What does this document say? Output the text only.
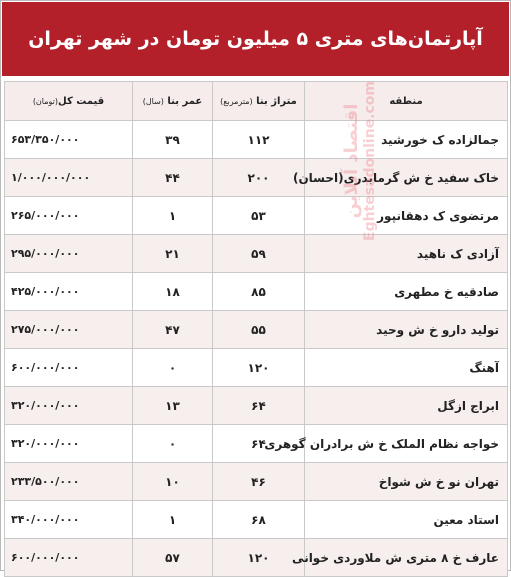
آپارتمان‌های متری ۵ میلیون تومان در شهر تهران
منطقه	متراژ بنا (مترمربع)	عمر بنا (سال)	قیمت کل(تومان)
جمالزاده ک خورشید	۱۱۲	۳۹	۶۵۳/۳۵۰/۰۰۰
خاک سفید خ ش گرمابدری(احسان)	۲۰۰	۴۴	۱/۰۰۰/۰۰۰/۰۰۰
مرتضوی ک دهقانپور	۵۳	۱	۲۶۵/۰۰۰/۰۰۰
آزادی ک ناهید	۵۹	۲۱	۲۹۵/۰۰۰/۰۰۰
صادقیه خ مطهری	۸۵	۱۸	۴۲۵/۰۰۰/۰۰۰
تولید دارو خ ش وحید	۵۵	۴۷	۲۷۵/۰۰۰/۰۰۰
آهنگ	۱۲۰	۰	۶۰۰/۰۰۰/۰۰۰
ابراج ازگل	۶۴	۱۳	۳۲۰/۰۰۰/۰۰۰
خواجه نظام الملک خ ش برادران گوهری	۶۴	۰	۳۲۰/۰۰۰/۰۰۰
تهران نو خ ش شواخ	۴۶	۱۰	۲۳۳/۵۰۰/۰۰۰
استاد معین	۶۸	۱	۳۴۰/۰۰۰/۰۰۰
عارف خ ۸ متری ش ملاوردی خوانی	۱۲۰	۵۷	۶۰۰/۰۰۰/۰۰۰
اقتصاد آنلاین Eghtesadonline.com
